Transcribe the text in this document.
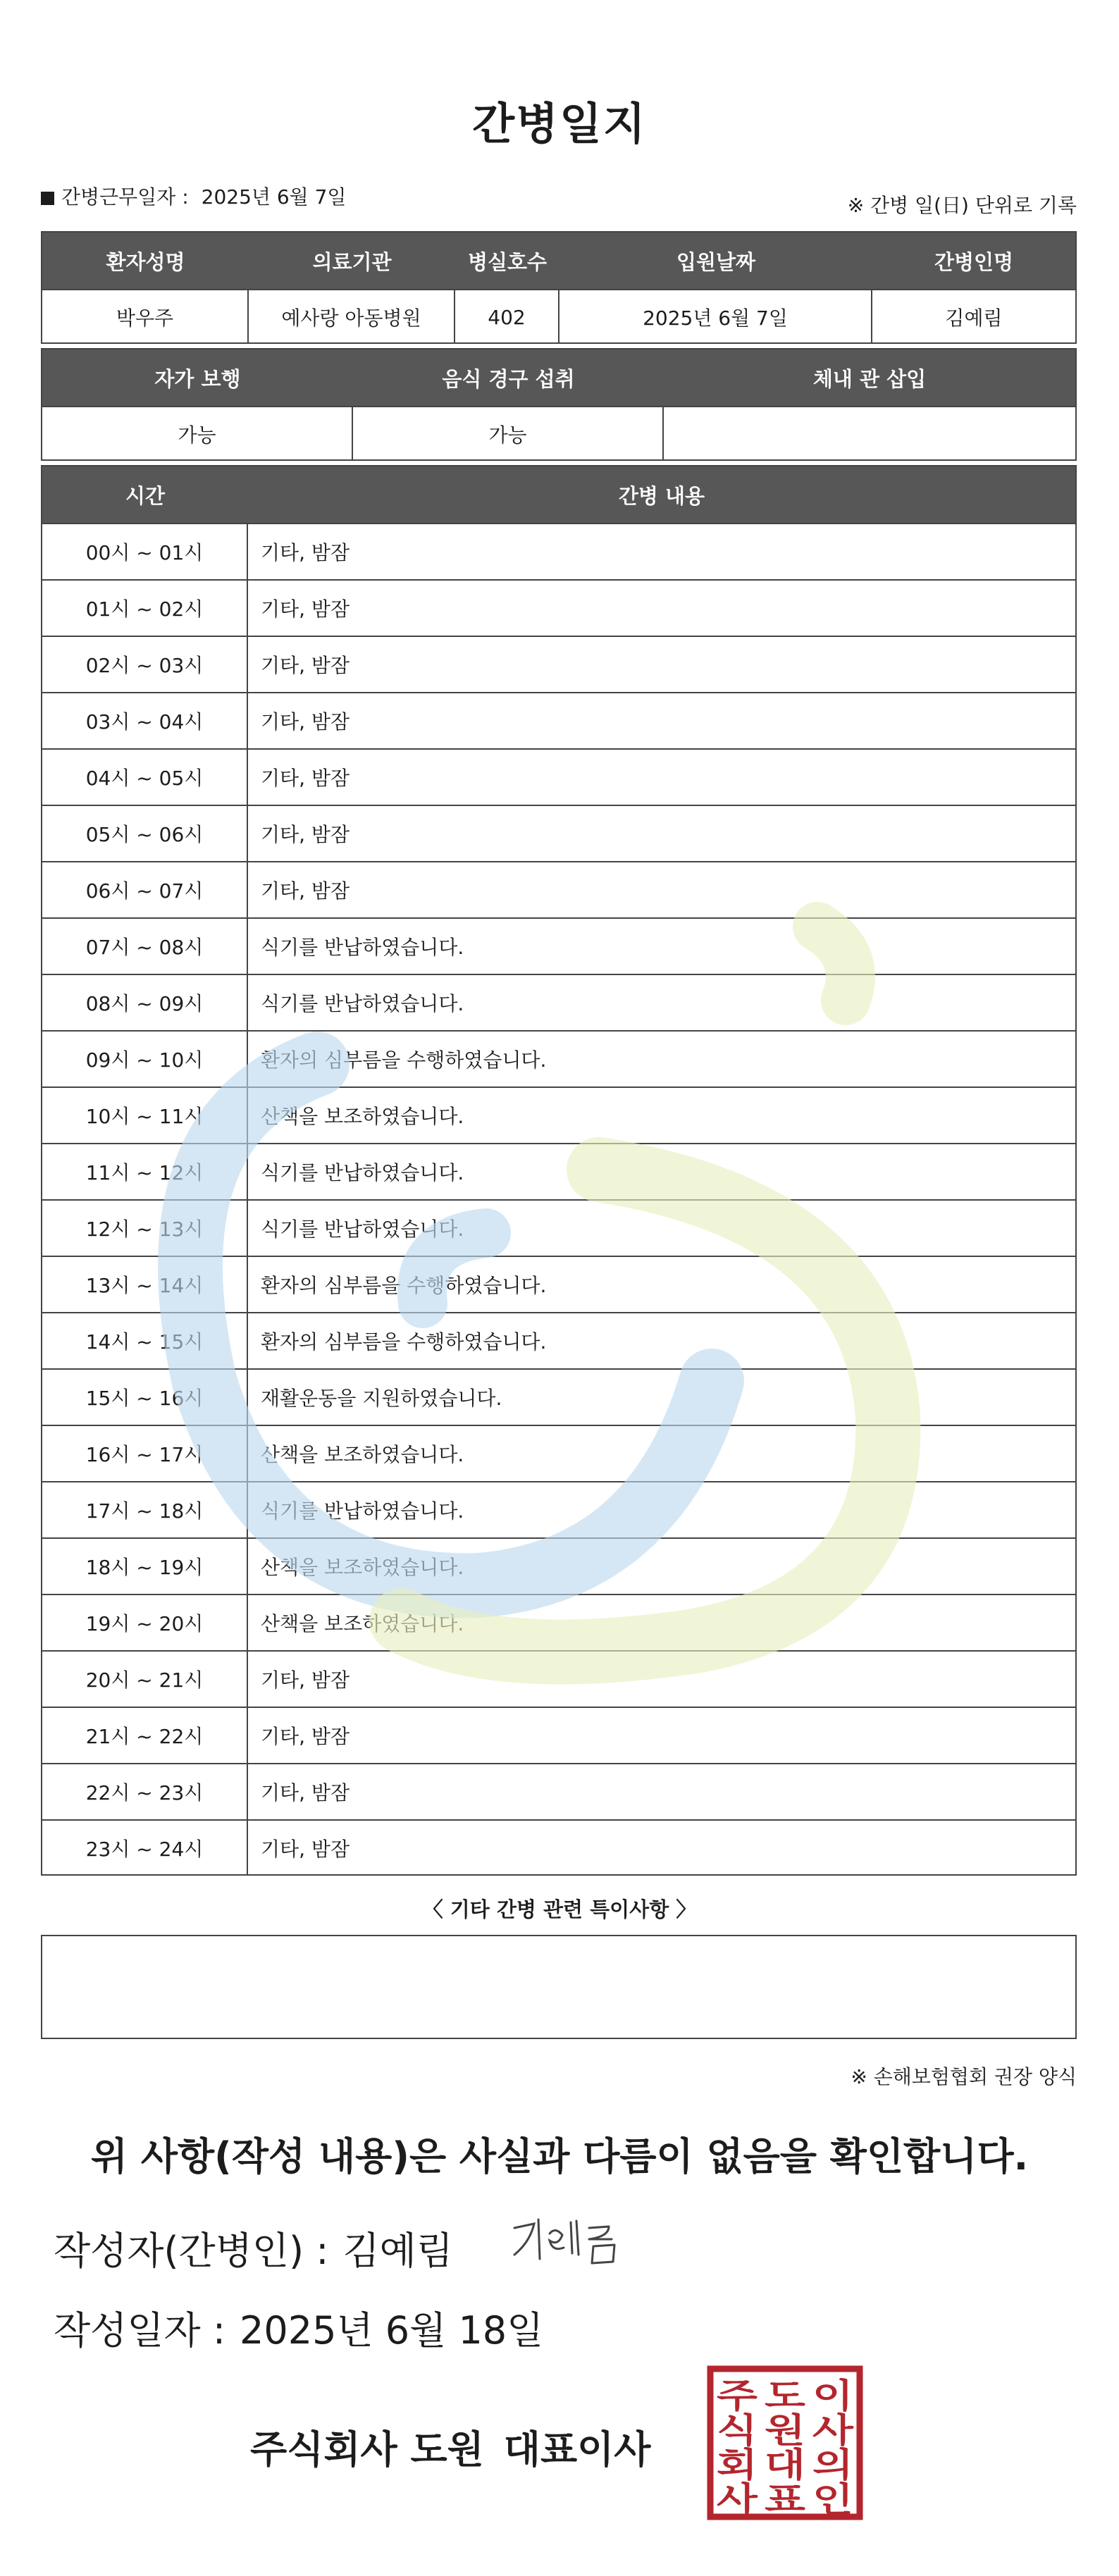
간병일지
간병근무일자 : 2025년 6월 7일	※ 간병 일(日) 단위로 기록
환자성명	의료기관	병실호수	입원날짜	간병인명
박우주	예사랑 아동병원	402	2025년 6월 7일	김예림
자가 보행	음식 경구 섭취	체내 관 삽입
가능	가능
시간	간병 내용
00시 ~ 01시	기타, 밤잠
01시 ~ 02시	기타, 밤잠
02시 ~ 03시	기타, 밤잠
03시 ~ 04시	기타, 밤잠
04시 ~ 05시	기타, 밤잠
05시 ~ 06시	기타, 밤잠
06시 ~ 07시	기타, 밤잠
07시 ~ 08시	식기를 반납하였습니다.
08시 ~ 09시	식기를 반납하였습니다.
09시 ~ 10시	환자의 심부름을 수행하였습니다.
10시 ~ 11시	산책을 보조하였습니다.
11시 ~ 12시	식기를 반납하였습니다.
12시 ~ 13시	식기를 반납하였습니다.
13시 ~ 14시	환자의 심부름을 수행하였습니다.
14시 ~ 15시	환자의 심부름을 수행하였습니다.
15시 ~ 16시	재활운동을 지원하였습니다.
16시 ~ 17시	산책을 보조하였습니다.
17시 ~ 18시	식기를 반납하였습니다.
18시 ~ 19시	산책을 보조하였습니다.
19시 ~ 20시	산책을 보조하였습니다.
20시 ~ 21시	기타, 밤잠
21시 ~ 22시	기타, 밤잠
22시 ~ 23시	기타, 밤잠
23시 ~ 24시	기타, 밤잠
〈 기타 간병 관련 특이사항 〉
※ 손해보험협회 권장 양식
위 사항(작성 내용)은 사실과 다름이 없음을 확인합니다.
작성자(간병인) : 김예림
작성일자 : 2025년 6월 18일
주식회사 도원 대표이사
주
식
회
사
도
원
대
표
이
사
의
인
